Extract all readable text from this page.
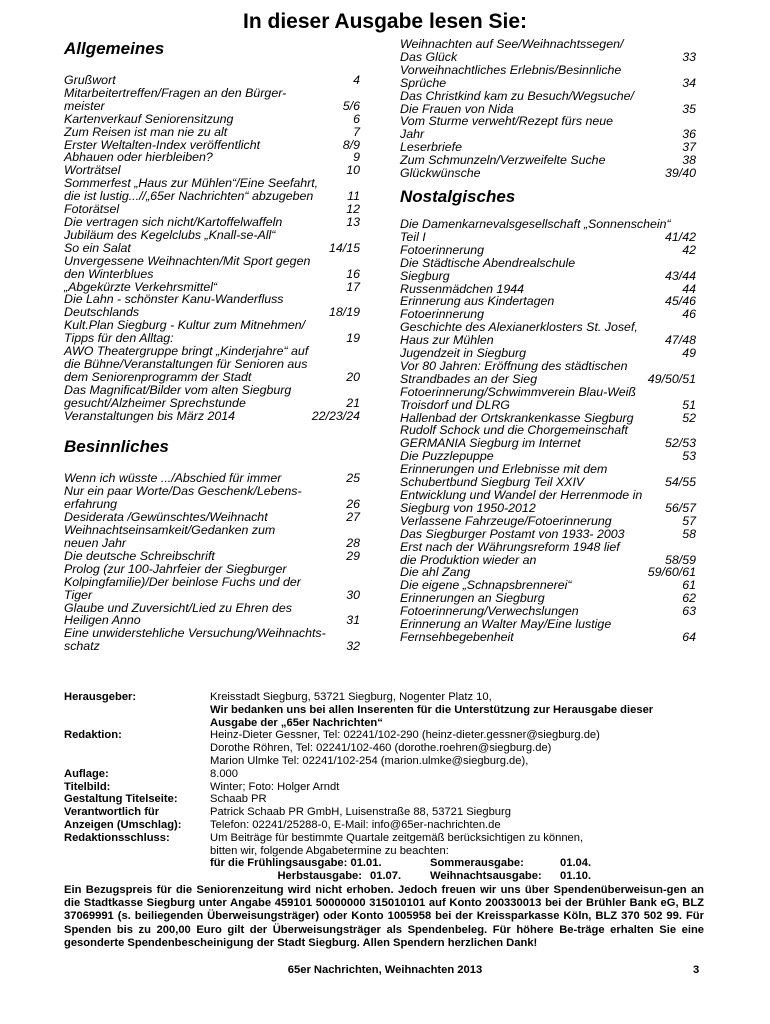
In dieser Ausgabe lesen Sie:
Allgemeines
Grußwort	4
Mitarbeitertreffen/Fragen an den Bürger-
meister	5/6
Kartenverkauf Seniorensitzung	6
Zum Reisen ist man nie zu alt	7
Erster Weltalten-Index veröffentlicht	8/9
Abhauen oder hierbleiben?	9
Worträtsel	10
Sommerfest „Haus zur Mühlen“/Eine Seefahrt,
die ist lustig...//„65er Nachrichten“ abzugeben	11
Fotorätsel	12
Die vertragen sich nicht/Kartoffelwaffeln	13
Jubiläum des Kegelclubs „Knall-se-All“
So ein Salat	14/15
Unvergessene Weihnachten/Mit Sport gegen
den Winterblues	16
„Abgekürzte Verkehrsmittel“	17
Die Lahn - schönster Kanu-Wanderfluss
Deutschlands	18/19
Kult.Plan Siegburg - Kultur zum Mitnehmen/
Tipps für den Alltag:	19
AWO Theatergruppe bringt „Kinderjahre“ auf
die Bühne/Veranstaltungen für Senioren aus
dem Seniorenprogramm der Stadt	20
Das Magnificat/Bilder vom alten Siegburg
gesucht/Alzheimer Sprechstunde	21
Veranstaltungen bis März 2014	22/23/24
Besinnliches
Wenn ich wüsste .../Abschied für immer	25
Nur ein paar Worte/Das Geschenk/Lebens-
erfahrung	26
Desiderata /Gewünschtes/Weihnacht	27
Weihnachtseinsamkeit/Gedanken zum
neuen Jahr	28
Die deutsche Schreibschrift	29
Prolog (zur 100-Jahrfeier der Siegburger
Kolpingfamilie)/Der beinlose Fuchs und der
Tiger	30
Glaube und Zuversicht/Lied zu Ehren des
Heiligen Anno	31
Eine unwiderstehliche Versuchung/Weihnachts-
schatz	32
Weihnachten auf See/Weihnachtssegen/
Das Glück	33
Vorweihnachtliches Erlebnis/Besinnliche
Sprüche	34
Das Christkind kam zu Besuch/Wegsuche/
Die Frauen von Nida	35
Vom Sturme verweht/Rezept fürs neue
Jahr	36
Leserbriefe	37
Zum Schmunzeln/Verzweifelte Suche	38
Glückwünsche	39/40
Nostalgisches
Die Damenkarnevalsgesellschaft „Sonnenschein“
Teil I	41/42
Fotoerinnerung	42
Die Städtische Abendrealschule
Siegburg	43/44
Russenmädchen 1944	44
Erinnerung aus Kindertagen	45/46
Fotoerinnerung	46
Geschichte des Alexianerklosters St. Josef,
Haus zur Mühlen	47/48
Jugendzeit in Siegburg	49
Vor 80 Jahren: Eröffnung des städtischen
Strandbades an der Sieg	49/50/51
Fotoerinnerung/Schwimmverein Blau-Weiß
Troisdorf und DLRG	51
Hallenbad der Ortskrankenkasse Siegburg	52
Rudolf Schock und die Chorgemeinschaft
GERMANIA Siegburg im Internet	52/53
Die Puzzlepuppe	53
Erinnerungen und Erlebnisse mit dem
Schubertbund Siegburg Teil XXIV	54/55
Entwicklung und Wandel der Herrenmode in
Siegburg von 1950-2012	56/57
Verlassene Fahrzeuge/Fotoerinnerung	57
Das Siegburger Postamt von 1933- 2003	58
Erst nach der Währungsreform 1948 lief
die Produktion wieder an	58/59
Die ahl Zang	59/60/61
Die eigene „Schnapsbrennerei“	61
Erinnerungen an Siegburg	62
Fotoerinnerung/Verwechslungen	63
Erinnerung an Walter May/Eine lustige
Fernsehbegebenheit	64
Herausgeber:	Kreisstadt Siegburg, 53721 Siegburg, Nogenter Platz 10,
Wir bedanken uns bei allen Inserenten für die Unterstützung zur Herausgabe dieser
Ausgabe der „65er Nachrichten“
Redaktion:	Heinz-Dieter Gessner, Tel: 02241/102-290 (heinz-dieter.gessner@siegburg.de)
Dorothe Röhren, Tel: 02241/102-460 (dorothe.roehren@siegburg.de)
Marion Ulmke Tel: 02241/102-254 (marion.ulmke@siegburg.de),
Auflage:	8.000
Titelbild:	Winter; Foto: Holger Arndt
Gestaltung Titelseite:	Schaab PR
Verantwortlich für	Patrick Schaab PR GmbH, Luisenstraße 88, 53721 Siegburg
Anzeigen (Umschlag):	Telefon: 02241/25288-0, E-Mail: info@65er-nachrichten.de
Redaktionsschluss:	Um Beiträge für bestimmte Quartale zeitgemäß berücksichtigen zu können,
bitten wir, folgende Abgabetermine zu beachten:
für die Frühlingsausgabe: 01.01.	Sommerausgabe:	01.04.
Herbstausgabe: 01.07.	Weihnachtsausgabe:	01.10.

Ein Bezugspreis für die Seniorenzeitung wird nicht erhoben. Jedoch freuen wir uns über Spendenüberweisun-gen an die Stadtkasse Siegburg unter Angabe 459101 50000000 315010101 auf Konto 200330013 bei der Brühler Bank eG, BLZ 37069991 (s. beiliegenden Überweisungsträger) oder Konto 1005958 bei der Kreissparkasse Köln, BLZ 370 502 99. Für Spenden bis zu 200,00 Euro gilt der Überweisungsträger als Spendenbeleg. Für höhere Be-träge erhalten Sie eine gesonderte Spendenbescheinigung der Stadt Siegburg. Allen Spendern herzlichen Dank!

65er Nachrichten, Weihnachten 2013	3
